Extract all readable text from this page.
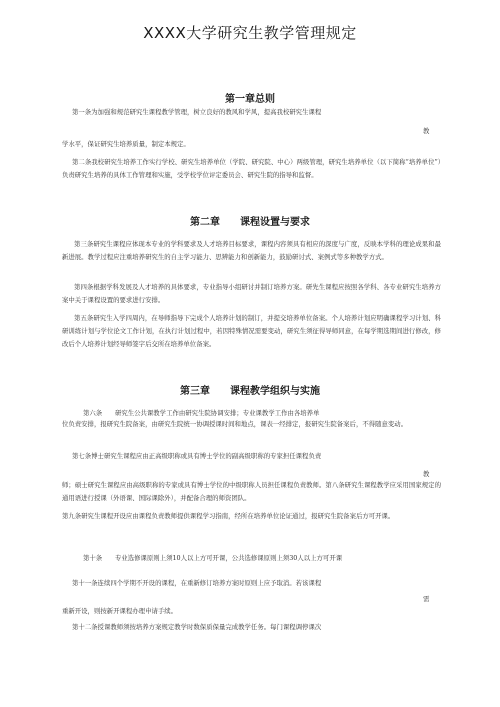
XXXX大学研究生教学管理规定
第一章总则
第一条为加强和规范研究生课程教学管理，树立良好的教风和学风，提高我校研究生课程
教
学水平，保证研究生培养质量，制定本规定。
第二条我校研究生培养工作实行学校、研究生培养单位（学院、研究院、中心）两级管理，研究生培养单位（以下简称“培养单位”）负责研究生培养的具体工作管理和实施，受学校学位评定委员会、研究生院的指导和监督。
第二章　　课程设置与要求
第三条研究生课程应体现本专业的学科要求及人才培养目标要求，课程内容须具有相应的深度与广度，反映本学科的理论成果和最新进展。教学过程应注重培养研究生的自主学习能力、思辨能力和创新能力，鼓励研讨式、案例式等多种教学方式。
第四条根据学科发展及人才培养的具体要求，专业指导小组研讨并制订培养方案。研先生课程应按照各学科、各专业研究生培养方案中关于课程设置的要求进行安排。
第五条研究生入学四周内，在导师指导下完成个人培养计划的制订，并提交培养单位备案。个人培养计划应明确课程学习计划、科研训练计划与学位论文工作计划，在执行计划过程中，若因特殊情况需要变动，研究生须征得导师同意，在每学期选期间进行修改，修改后个人培养计划经导师签字后交所在培养单位备案。
第三章　　课程教学组织与实施
第六条　　研究生公共课教学工作由研究生院协调安排；专业课教学工作由各培养单
位负责安排，报研究生院备案，由研究生院统一协调授课时间和地点，课表一经排定，报研究生院备案后，不得随意变动。
第七条博士研究生课程应由正高级职称或具有博士学位的副高级职称的专家担任课程负责
教
师；硕士研究生课程应由高级职称的专家或具有博士学位的中级职称人员担任课程负责教师。第八条研究生课程教学应采用国家规定的通用语进行授课（外语课、国际课除外），并配备合理的师资团队。
第九条研究生课程开设应由课程负责教师提供课程学习指南，经所在培养单位论证通过，报研究生院备案后方可开课。
第十条　　专业选修课原则上须10人以上方可开课，公共选修课原则上须30人以上方可开课
第十一条连续四个学期不开设的课程，在重新修订培养方案时原则上应予取消。若该课程
需
重新开设，则按新开课程办理申请手续。
第十二条授课教师须按培养方案规定教学时数保质保量完成教学任务。每门课程调停课次
